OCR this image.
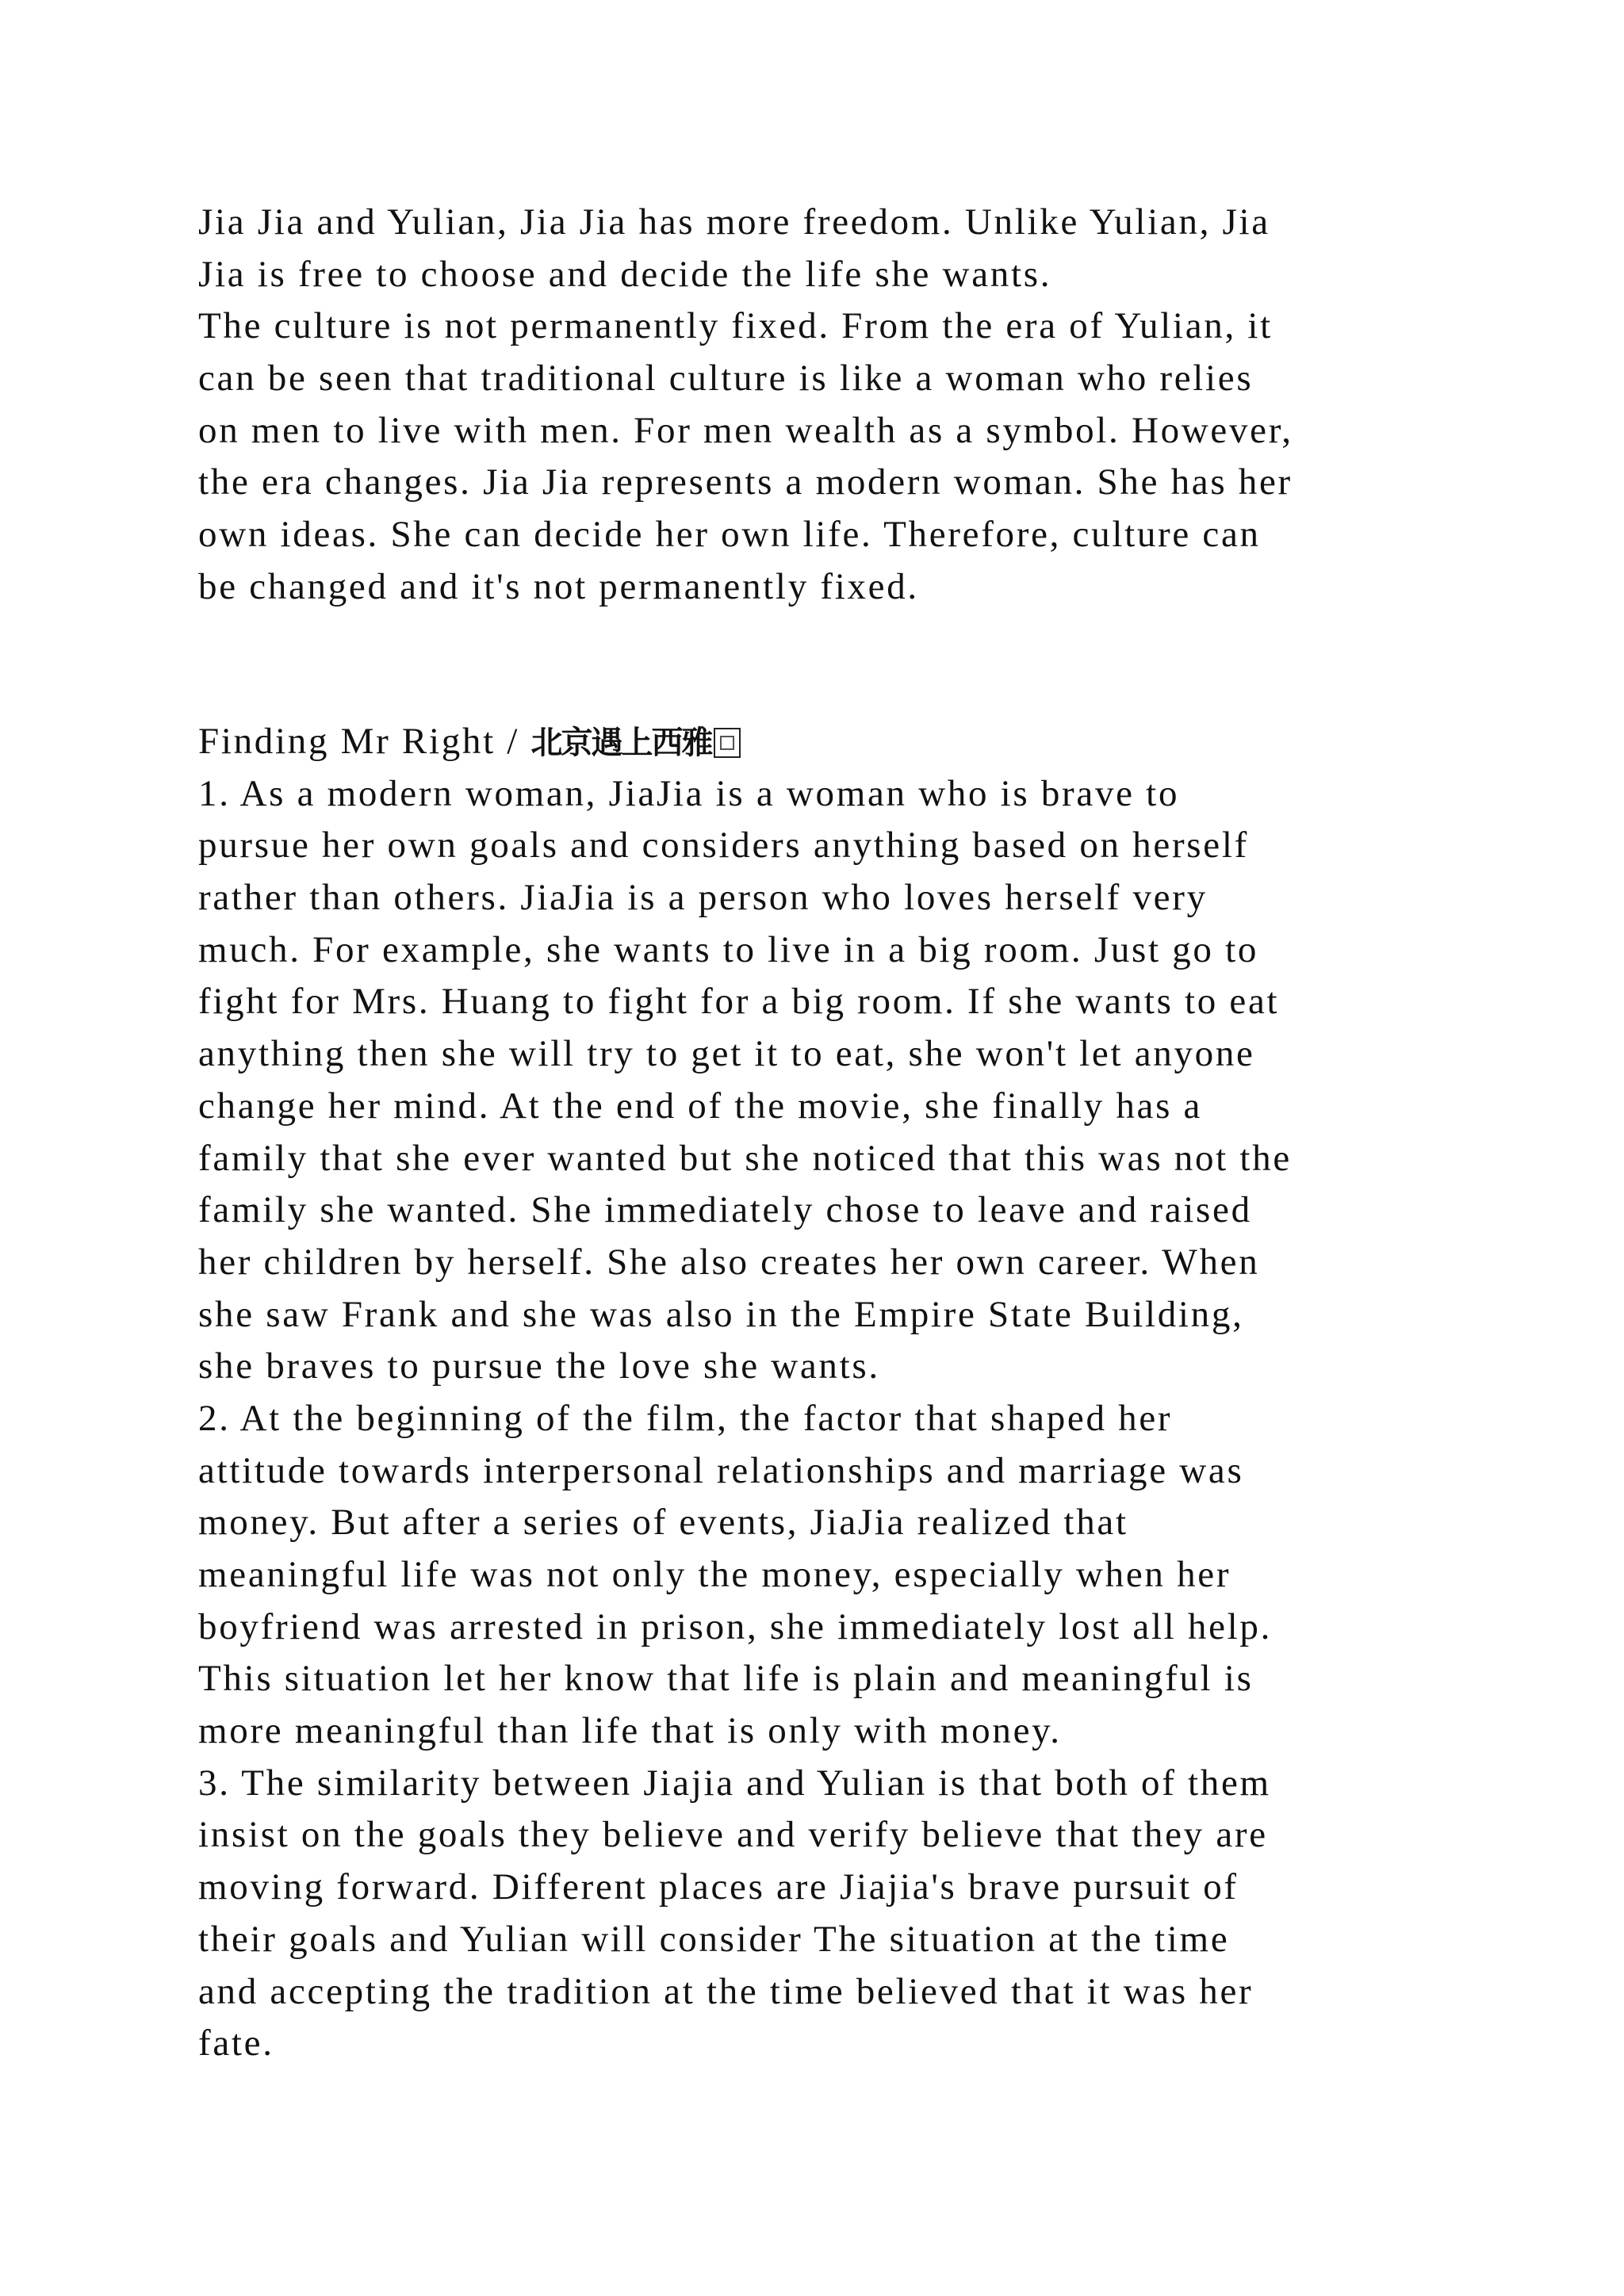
Jia Jia and Yulian, Jia Jia has more freedom. Unlike Yulian, Jia
Jia is free to choose and decide the life she wants.
The culture is not permanently fixed. From the era of Yulian, it
can be seen that traditional culture is like a woman who relies
on men to live with men. For men wealth as a symbol. However,
the era changes. Jia Jia represents a modern woman. She has her
own ideas. She can decide her own life. Therefore, culture can
be changed and it's not permanently fixed.
Finding Mr Right / 北京遇上西雅
1. As a modern woman, JiaJia is a woman who is brave to
pursue her own goals and considers anything based on herself
rather than others. JiaJia is a person who loves herself very
much. For example, she wants to live in a big room. Just go to
fight for Mrs. Huang to fight for a big room. If she wants to eat
anything then she will try to get it to eat, she won't let anyone
change her mind. At the end of the movie, she finally has a
family that she ever wanted but she noticed that this was not the
family she wanted. She immediately chose to leave and raised
her children by herself. She also creates her own career. When
she saw Frank and she was also in the Empire State Building,
she braves to pursue the love she wants.
2. At the beginning of the film, the factor that shaped her
attitude towards interpersonal relationships and marriage was
money. But after a series of events, JiaJia realized that
meaningful life was not only the money, especially when her
boyfriend was arrested in prison, she immediately lost all help.
This situation let her know that life is plain and meaningful is
more meaningful than life that is only with money.
3. The similarity between Jiajia and Yulian is that both of them
insist on the goals they believe and verify believe that they are
moving forward. Different places are Jiajia's brave pursuit of
their goals and Yulian will consider The situation at the time
and accepting the tradition at the time believed that it was her
fate.
